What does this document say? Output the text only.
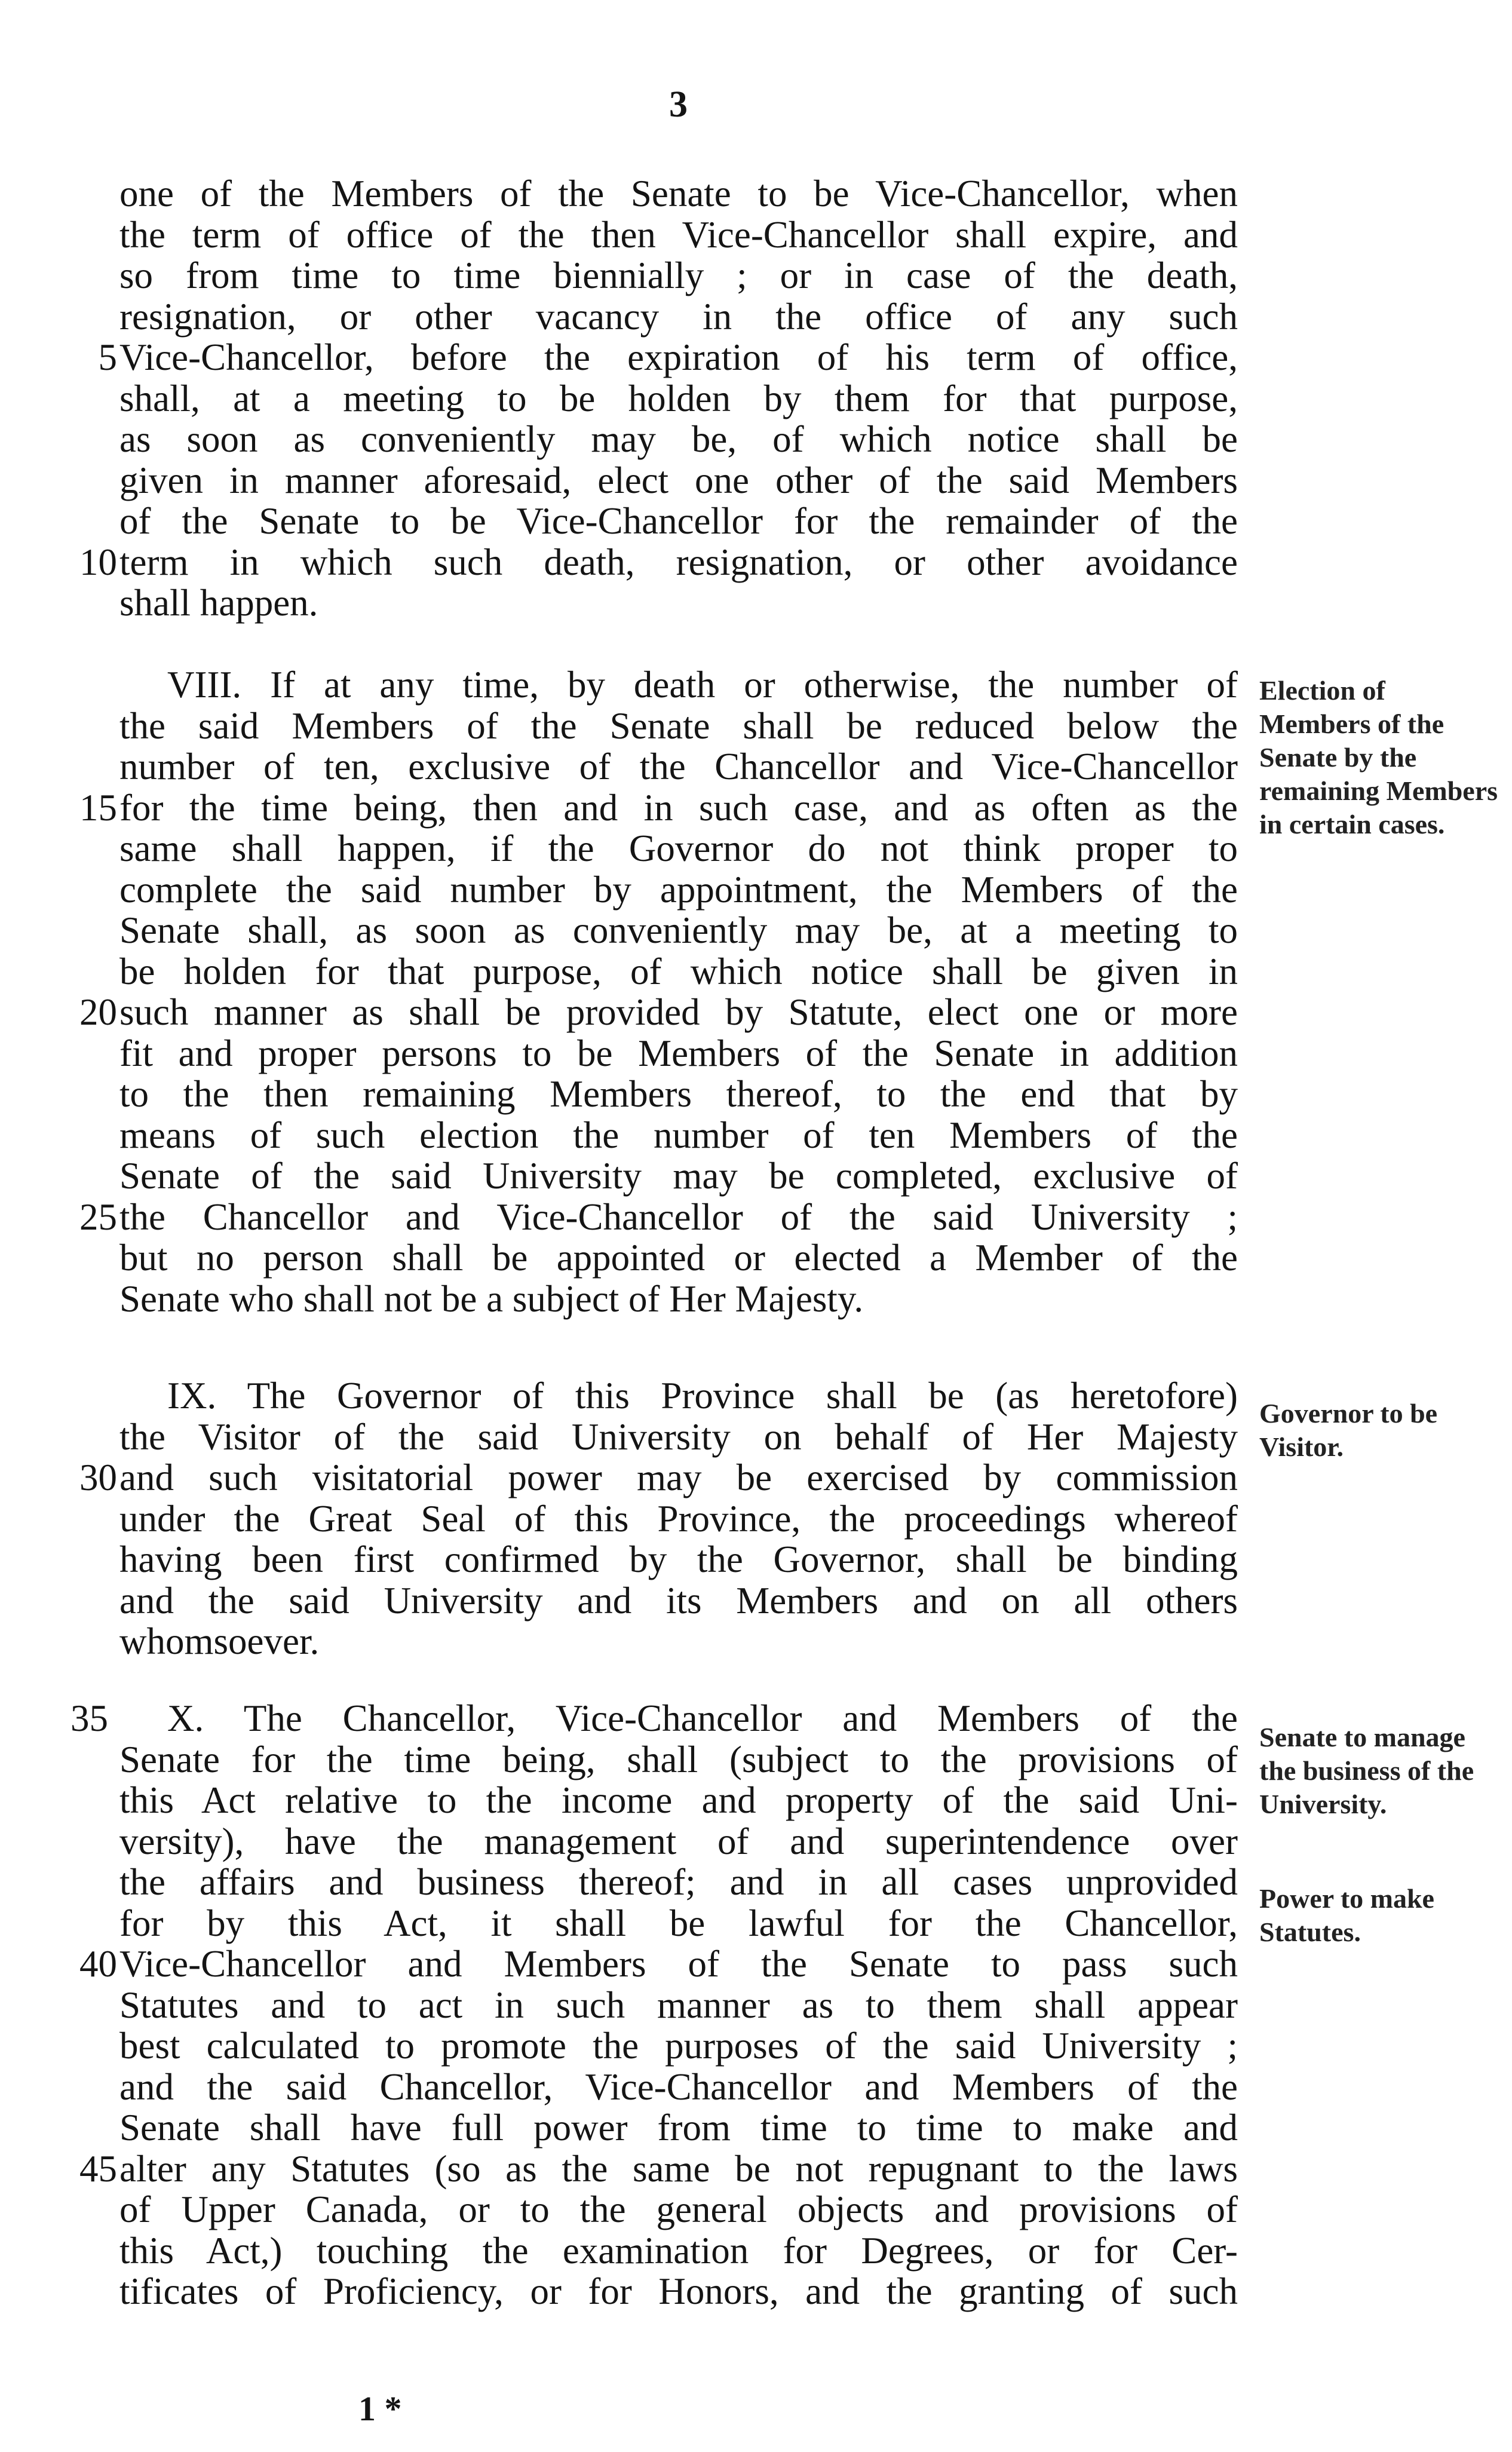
3
one of the Members of the Senate to be Vice-Chancellor, when
the term of office of the then Vice-Chancellor shall expire, and
so from time to time biennially ; or in case of the death,
resignation, or other vacancy in the office of any such
Vice-Chancellor, before the expiration of his term of office,
5
shall, at a meeting to be holden by them for that purpose,
as soon as conveniently may be, of which notice shall be
given in manner aforesaid, elect one other of the said Members
of the Senate to be Vice-Chancellor for the remainder of the
term in which such death, resignation, or other avoidance
10
shall happen.
VIII. If at any time, by death or otherwise, the number of
the said Members of the Senate shall be reduced below the
number of ten, exclusive of the Chancellor and Vice-Chancellor
for the time being, then and in such case, and as often as the
15
same shall happen, if the Governor do not think proper to
complete the said number by appointment, the Members of the
Senate shall, as soon as conveniently may be, at a meeting to
be holden for that purpose, of which notice shall be given in
such manner as shall be provided by Statute, elect one or more
20
fit and proper persons to be Members of the Senate in addition
to the then remaining Members thereof, to the end that by
means of such election the number of ten Members of the
Senate of the said University may be completed, exclusive of
the Chancellor and Vice-Chancellor of the said University ;
25
but no person shall be appointed or elected a Member of the
Senate who shall not be a subject of Her Majesty.
IX. The Governor of this Province shall be (as heretofore)
the Visitor of the said University on behalf of Her Majesty
and such visitatorial power may be exercised by commission
30
under the Great Seal of this Province, the proceedings whereof
having been first confirmed by the Governor, shall be binding
and the said University and its Members and on all others
whomsoever.
X. The Chancellor, Vice-Chancellor and Members of the
35
Senate for the time being, shall (subject to the provisions of
this Act relative to the income and property of the said Uni-
versity), have the management of and superintendence over
the affairs and business thereof; and in all cases unprovided
for by this Act, it shall be lawful for the Chancellor,
Vice-Chancellor and Members of the Senate to pass such
40
Statutes and to act in such manner as to them shall appear
best calculated to promote the purposes of the said University ;
and the said Chancellor, Vice-Chancellor and Members of the
Senate shall have full power from time to time to make and
alter any Statutes (so as the same be not repugnant to the laws
45
of Upper Canada, or to the general objects and provisions of
this Act,) touching the examination for Degrees, or for Cer-
tificates of Proficiency, or for Honors, and the granting of such
Election of Members of the Senate by the remaining Members in certain cases.
Governor to be Visitor.
Senate to manage the business of the University.
Power to make Statutes.
1 *
